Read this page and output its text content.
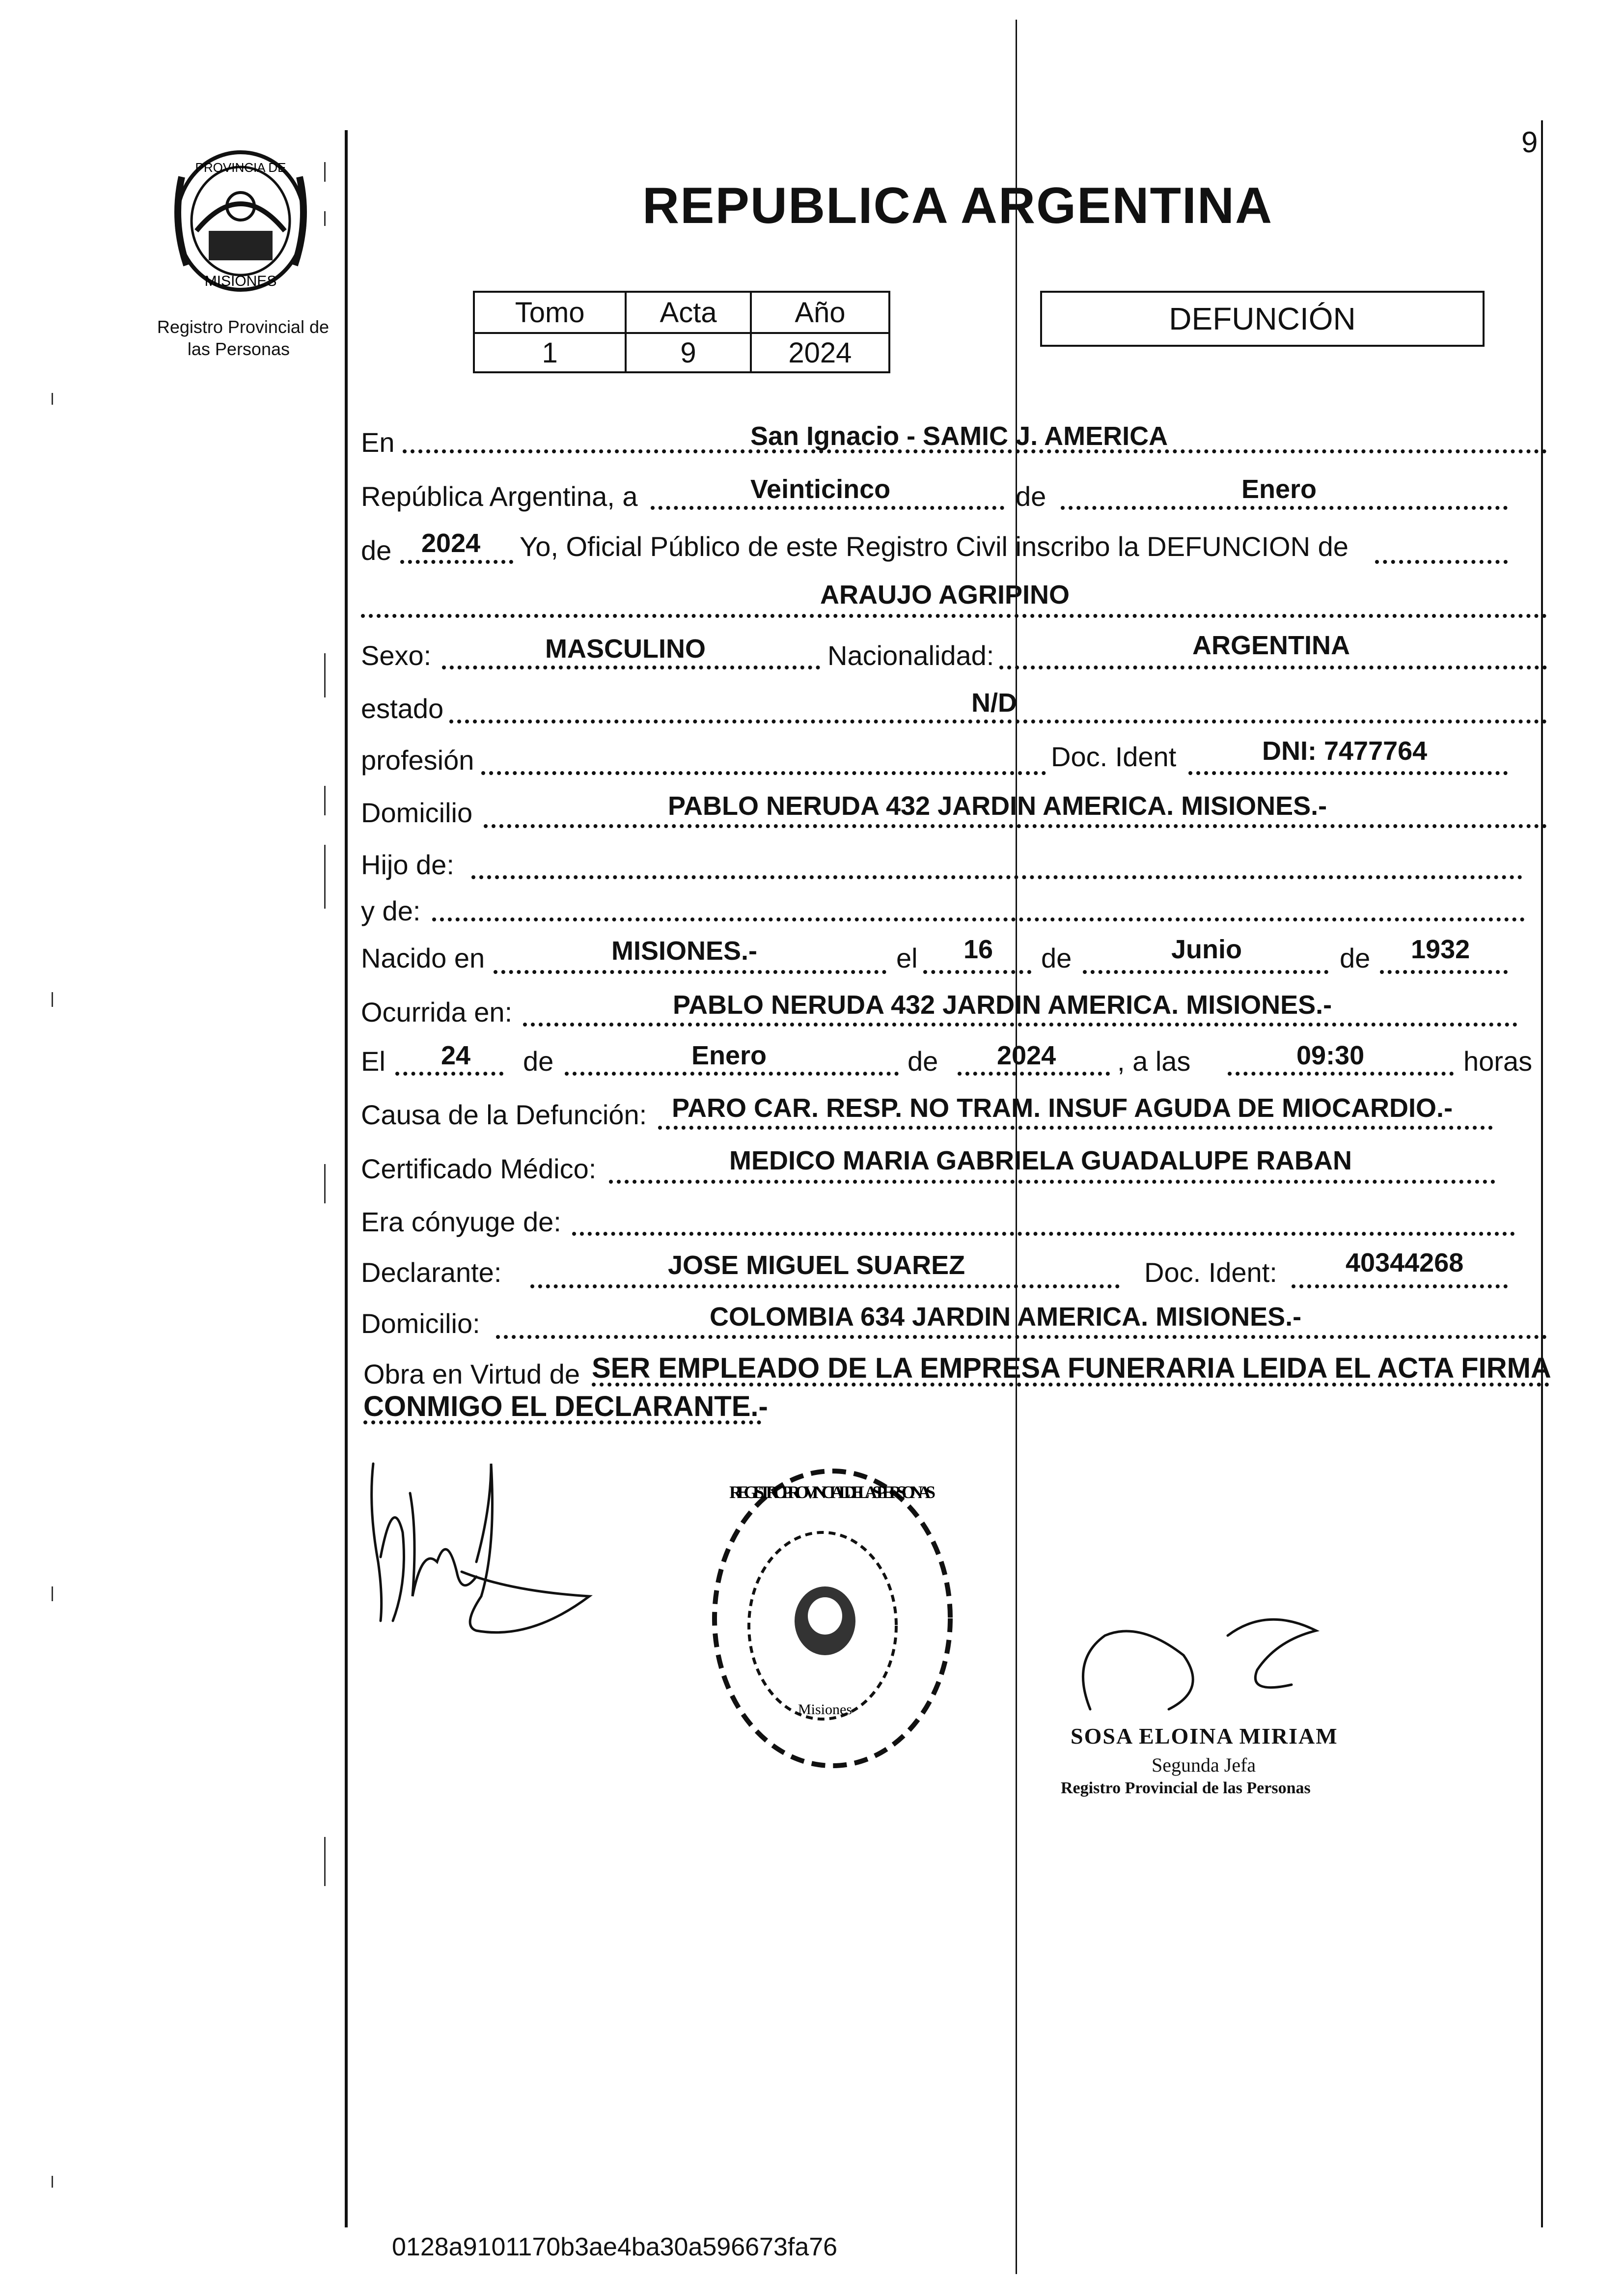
9
PROVINCIA DE
MISIONES
Registro Provincial de
las Personas
REPUBLICA ARGENTINA
Tomo	Acta	Año
1	9	2024
DEFUNCIÓN
En	San Ignacio - SAMIC J. AMERICA
República Argentina, a	Veinticinco	de	Enero
de 2024 Yo, Oficial Público de este Registro Civil inscribo la DEFUNCION de
ARAUJO AGRIPINO
Sexo:	MASCULINO	Nacionalidad:	ARGENTINA
estado	N/D
profesión	Doc. Ident	DNI: 7477764
Domicilio	PABLO NERUDA 432 JARDIN AMERICA. MISIONES.-
Hijo de:
y de:
Nacido en	MISIONES.-	el 16 de	Junio	de 1932
Ocurrida en:	PABLO NERUDA 432 JARDIN AMERICA. MISIONES.-
El 24 de	Enero	de 2024 , a las	09:30	horas
Causa de la Defunción: PARO CAR. RESP. NO TRAM. INSUF AGUDA DE MIOCARDIO.-
Certificado Médico:	MEDICO MARIA GABRIELA GUADALUPE RABAN
Era cónyuge de:
Declarante:	JOSE MIGUEL SUAREZ	Doc. Ident:	40344268
Domicilio:	COLOMBIA 634 JARDIN AMERICA. MISIONES.-
Obra en Virtud de SER EMPLEADO DE LA EMPRESA FUNERARIA LEIDA EL ACTA FIRMA
CONMIGO EL DECLARANTE.-
REGISTRO PROVINCIAL DE LAS PERSONAS
Misiones
SOSA ELOINA MIRIAM
Segunda Jefa
Registro Provincial de las Personas
0128a9101170b3ae4ba30a596673fa76
